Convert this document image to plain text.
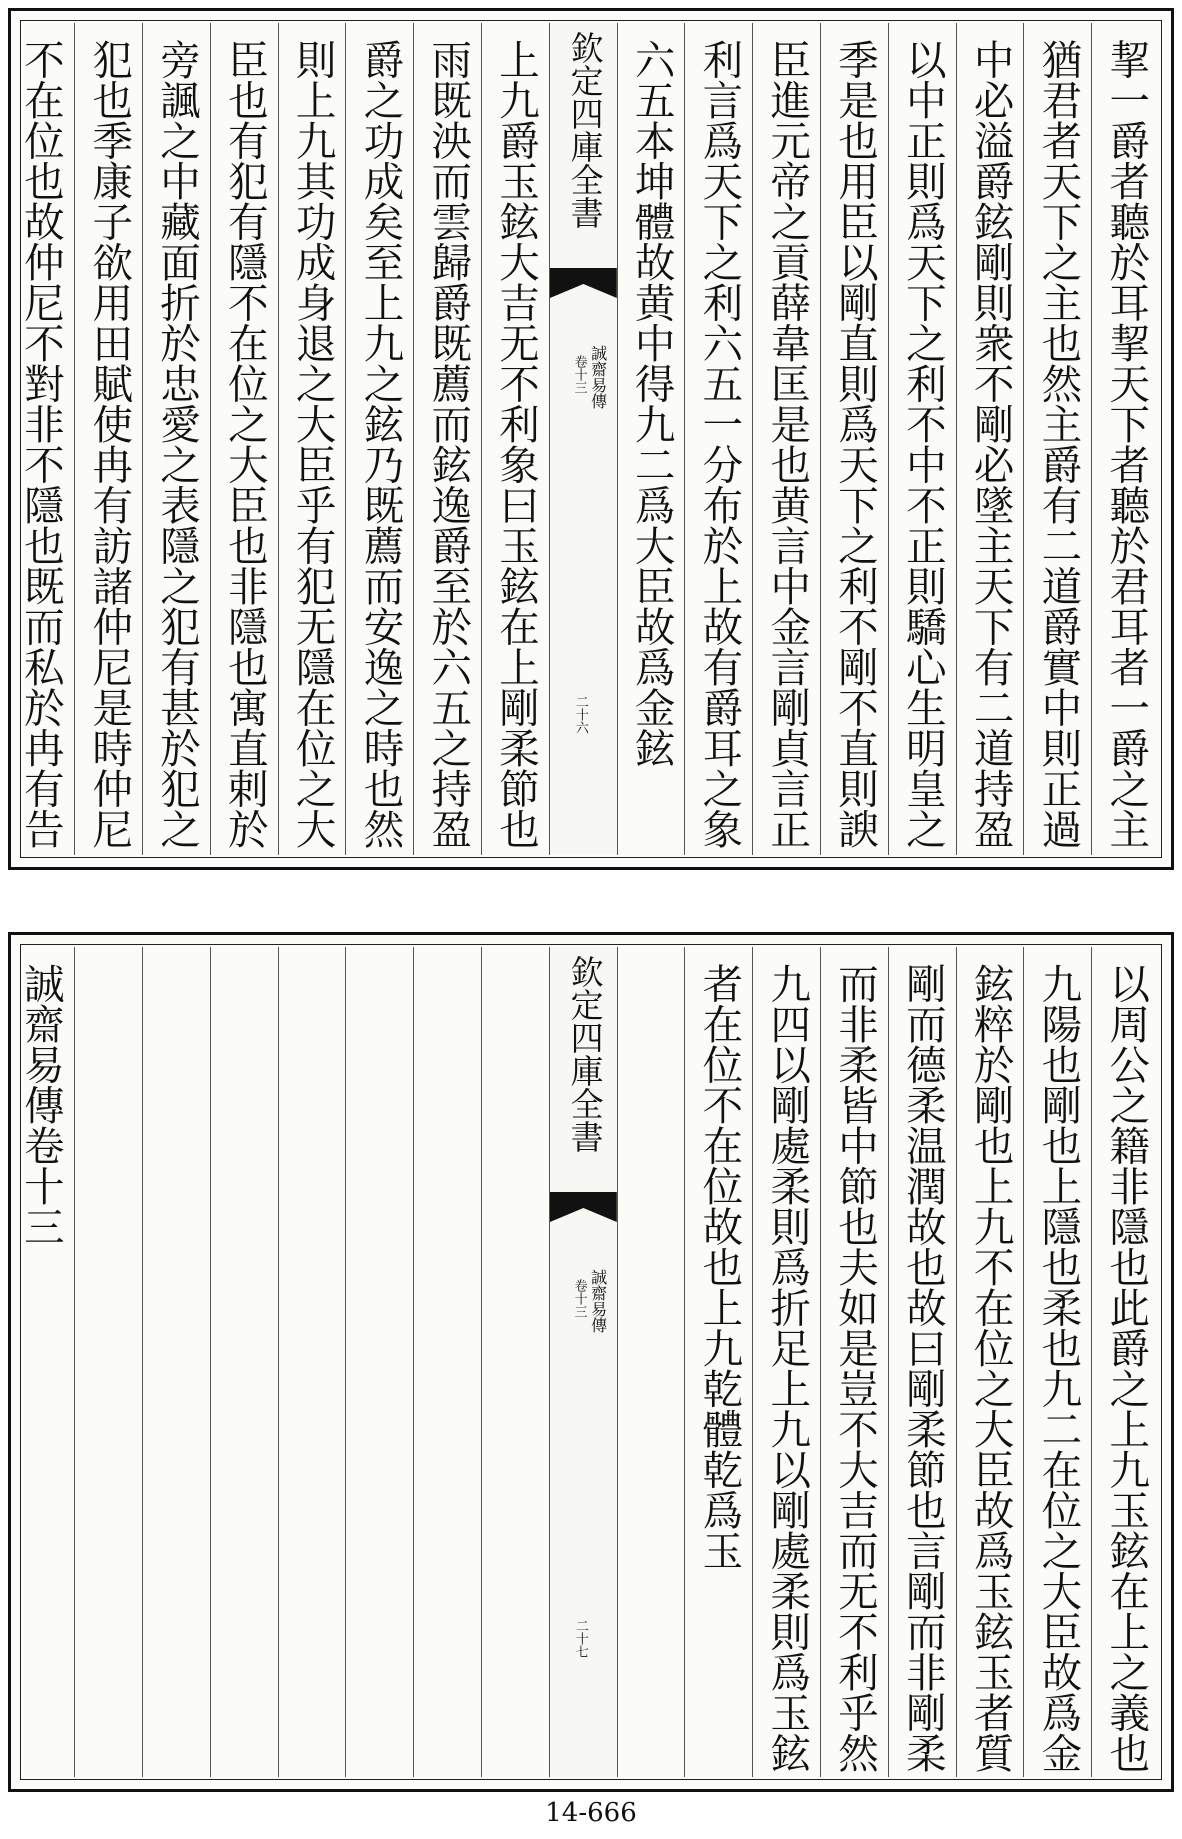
挈一爵者聽於耳挈天下者聽於君耳者一爵之主
猶君者天下之主也然主爵有二道爵實中則正過
中必溢爵鉉剛則衆不剛必墜主天下有二道持盈
以中正則爲天下之利不中不正則驕心生明皇之
季是也用臣以剛直則爲天下之利不剛不直則諛
臣進元帝之貢薛韋匡是也黄言中金言剛貞言正
利言爲天下之利六五一分布於上故有爵耳之象
六五本坤體故黄中得九二爲大臣故爲金鉉
欽定四庫全書
誠齋易傳
卷十三
二十六
上九爵玉鉉大吉无不利象曰玉鉉在上剛柔節也
雨既泱而雲歸爵既薦而鉉逸爵至於六五之持盈
爵之功成矣至上九之鉉乃既薦而安逸之時也然
則上九其功成身退之大臣乎有犯无隱在位之大
臣也有犯有隱不在位之大臣也非隱也寓直剌於
旁諷之中藏面折於忠愛之表隱之犯有甚於犯之
犯也季康子欲用田賦使冉有訪諸仲尼是時仲尼
不在位也故仲尼不對非不隱也既而私於冉有告
以周公之籍非隱也此爵之上九玉鉉在上之義也
九陽也剛也上隱也柔也九二在位之大臣故爲金
鉉粹於剛也上九不在位之大臣故爲玉鉉玉者質
剛而德柔温潤故也故曰剛柔節也言剛而非剛柔
而非柔皆中節也夫如是豈不大吉而无不利乎然
九四以剛處柔則爲折足上九以剛處柔則爲玉鉉
者在位不在位故也上九乾體乾爲玉
欽定四庫全書
誠齋易傳
卷十三
二十七
誠齋易傳卷十三
14-666
